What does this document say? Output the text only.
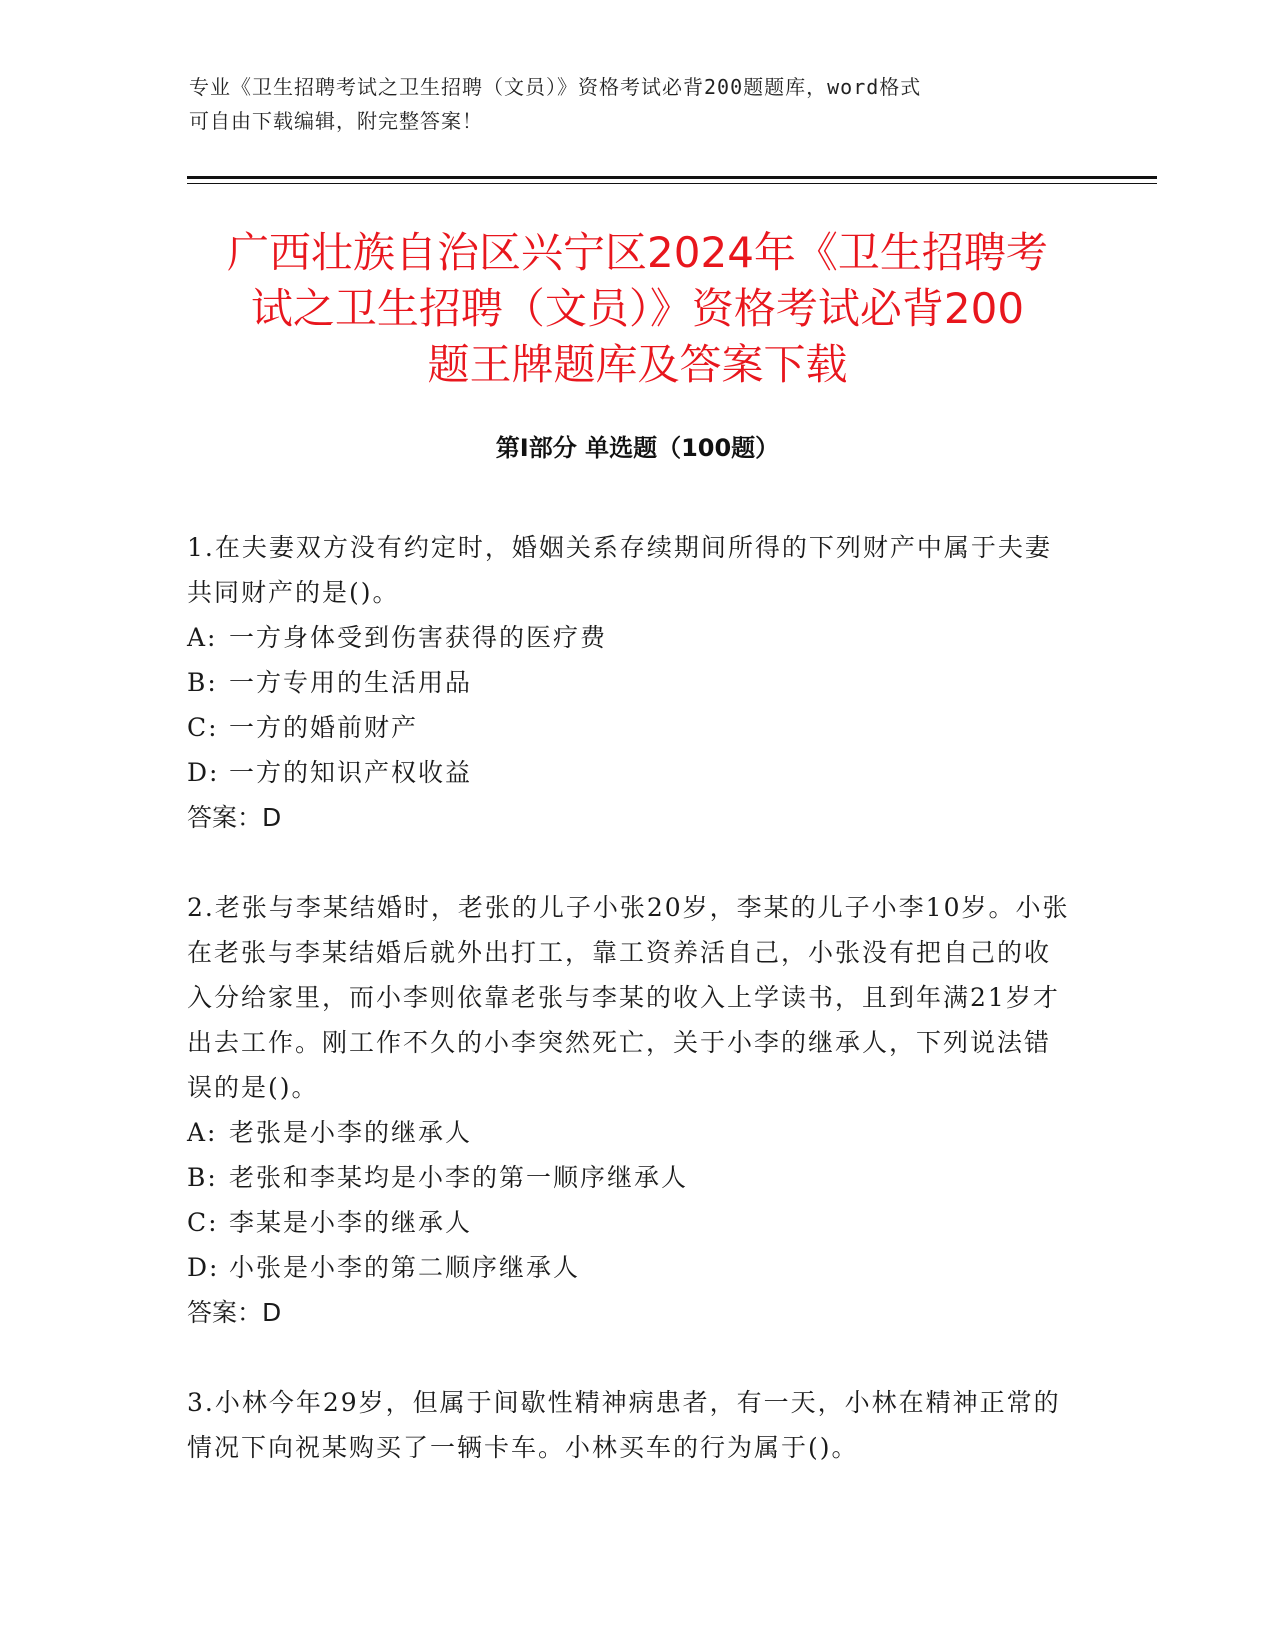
专业《卫生招聘考试之卫生招聘（文员）》资格考试必背200题题库，word格式
可自由下载编辑，附完整答案！
广西壮族自治区兴宁区2024年《卫生招聘考
试之卫生招聘（文员）》资格考试必背200
题王牌题库及答案下载
第Ⅰ部分 单选题（100题）

1.在夫妻双方没有约定时，婚姻关系存续期间所得的下列财产中属于夫妻共同财产的是()。

A: 一方身体受到伤害获得的医疗费

B: 一方专用的生活用品

C: 一方的婚前财产

D: 一方的知识产权收益

答案：D

2.老张与李某结婚时，老张的儿子小张20岁，李某的儿子小李10岁。小张在老张与李某结婚后就外出打工，靠工资养活自己，小张没有把自己的收入分给家里，而小李则依靠老张与李某的收入上学读书，且到年满21岁才出去工作。刚工作不久的小李突然死亡，关于小李的继承人，下列说法错误的是()。

A: 老张是小李的继承人

B: 老张和李某均是小李的第一顺序继承人

C: 李某是小李的继承人

D: 小张是小李的第二顺序继承人

答案：D

3.小林今年29岁，但属于间歇性精神病患者，有一天，小林在精神正常的情况下向祝某购买了一辆卡车。小林买车的行为属于()。
